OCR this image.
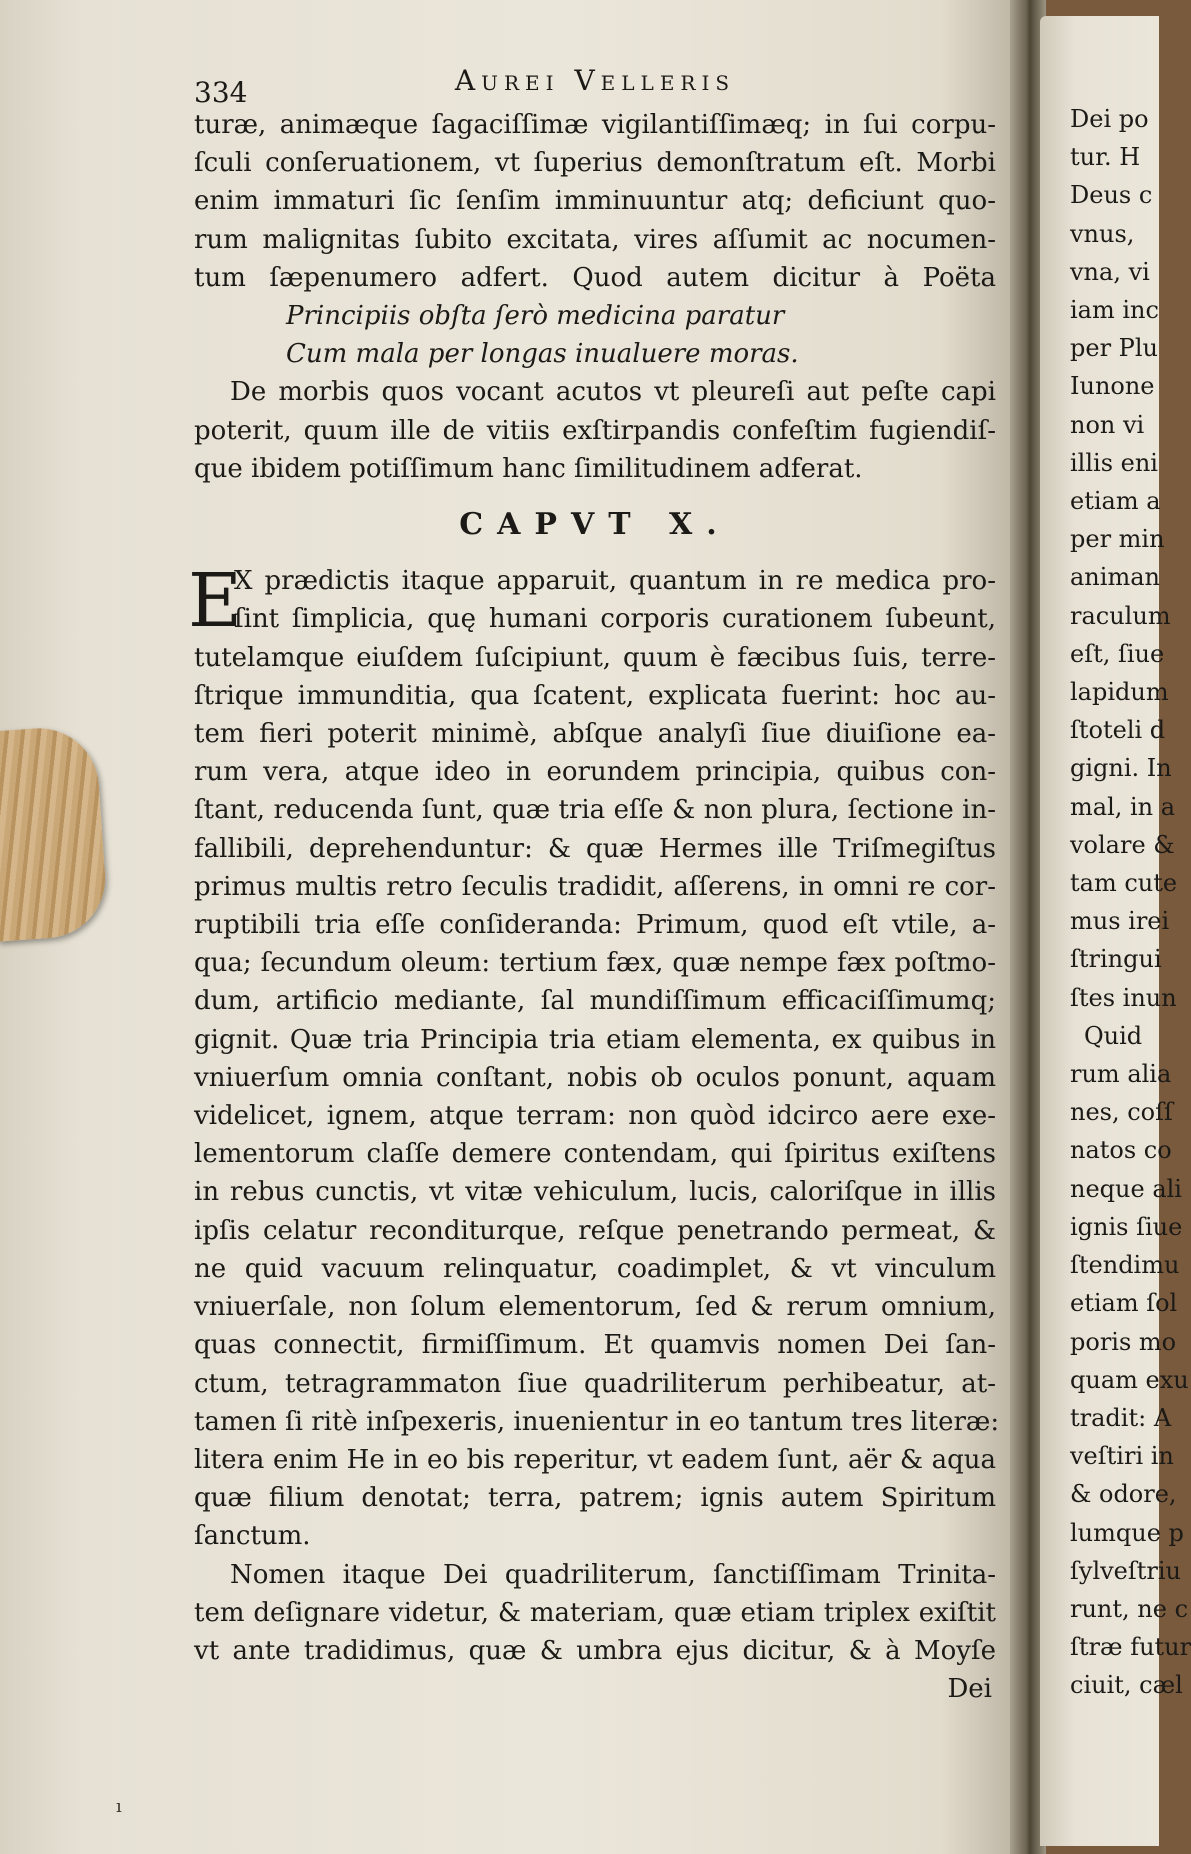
Dei po

tur. H

Deus c

vnus,

vna, vi

iam inc

per Plu

Iunone

non vi

illis eni

etiam a

per min

animan

raculum

eſt, ſiue

lapidum

ſtoteli d

gigni. In

mal, in a

volare &

tam cute

mus irei

ſtringui

ſtes inun

Quid

rum alia

nes, coſſ

natos co

neque ali

ignis ſiue

ſtendimu

etiam ſol

poris mo

quam exu

tradit: A

veſtiri in

& odore,

lumque p

ſylveſtriu

runt, ne c

ſtræ futur

ciuit, cæl

334	Aurei Velleris

turæ, animæque ſagaciſſimæ vigilantiſſimæq; in ſui corpu-

ſculi conſeruationem, vt ſuperius demonſtratum eſt. Morbi

enim immaturi ſic ſenſim imminuuntur atq; deficiunt quo-

rum malignitas ſubito excitata, vires aſſumit ac nocumen-

tum ſæpenumero adfert. Quod autem dicitur à Poëta

Principiis obſta ſerò medicina paratur

Cum mala per longas inualuere moras.

De morbis quos vocant acutos vt pleureſi aut peſte capi

poterit, quum ille de vitiis exſtirpandis confeſtim fugiendiſ-

que ibidem potiſſimum hanc ſimilitudinem adferat.

CAPVT X.
E

X prædictis itaque apparuit, quantum in re medica pro-

ſint ſimplicia, quę humani corporis curationem ſubeunt,

tutelamque eiuſdem ſuſcipiunt, quum è fæcibus ſuis, terre-

ſtrique immunditia, qua ſcatent, explicata fuerint: hoc au-

tem fieri poterit minimè, abſque analyſi ſiue diuiſione ea-

rum vera, atque ideo in eorundem principia, quibus con-

ſtant, reducenda ſunt, quæ tria eſſe & non plura, ſectione in-

fallibili, deprehenduntur: & quæ Hermes ille Triſmegiſtus

primus multis retro ſeculis tradidit, aſſerens, in omni re cor-

ruptibili tria eſſe conſideranda: Primum, quod eſt vtile, a-

qua; ſecundum oleum: tertium fæx, quæ nempe fæx poſtmo-

dum, artificio mediante, ſal mundiſſimum efficaciſſimumq;

gignit. Quæ tria Principia tria etiam elementa, ex quibus in

vniuerſum omnia conſtant, nobis ob oculos ponunt, aquam

videlicet, ignem, atque terram: non quòd idcirco aere exe-

lementorum claſſe demere contendam, qui ſpiritus exiſtens

in rebus cunctis, vt vitæ vehiculum, lucis, caloriſque in illis

ipſis celatur reconditurque, reſque penetrando permeat, &

ne quid vacuum relinquatur, coadimplet, & vt vinculum

vniuerſale, non ſolum elementorum, ſed & rerum omnium,

quas connectit, firmiſſimum. Et quamvis nomen Dei ſan-

ctum, tetragrammaton ſiue quadriliterum perhibeatur, at-

tamen ſi ritè inſpexeris, inuenientur in eo tantum tres literæ:

litera enim He in eo bis reperitur, vt eadem ſunt, aër & aqua

quæ filium denotat; terra, patrem; ignis autem Spiritum

ſanctum.

Nomen itaque Dei quadriliterum, ſanctiſſimam Trinita-

tem deſignare videtur, & materiam, quæ etiam triplex exiſtit

vt ante tradidimus, quæ & umbra ejus dicitur, & à Moyſe

Dei

ı
